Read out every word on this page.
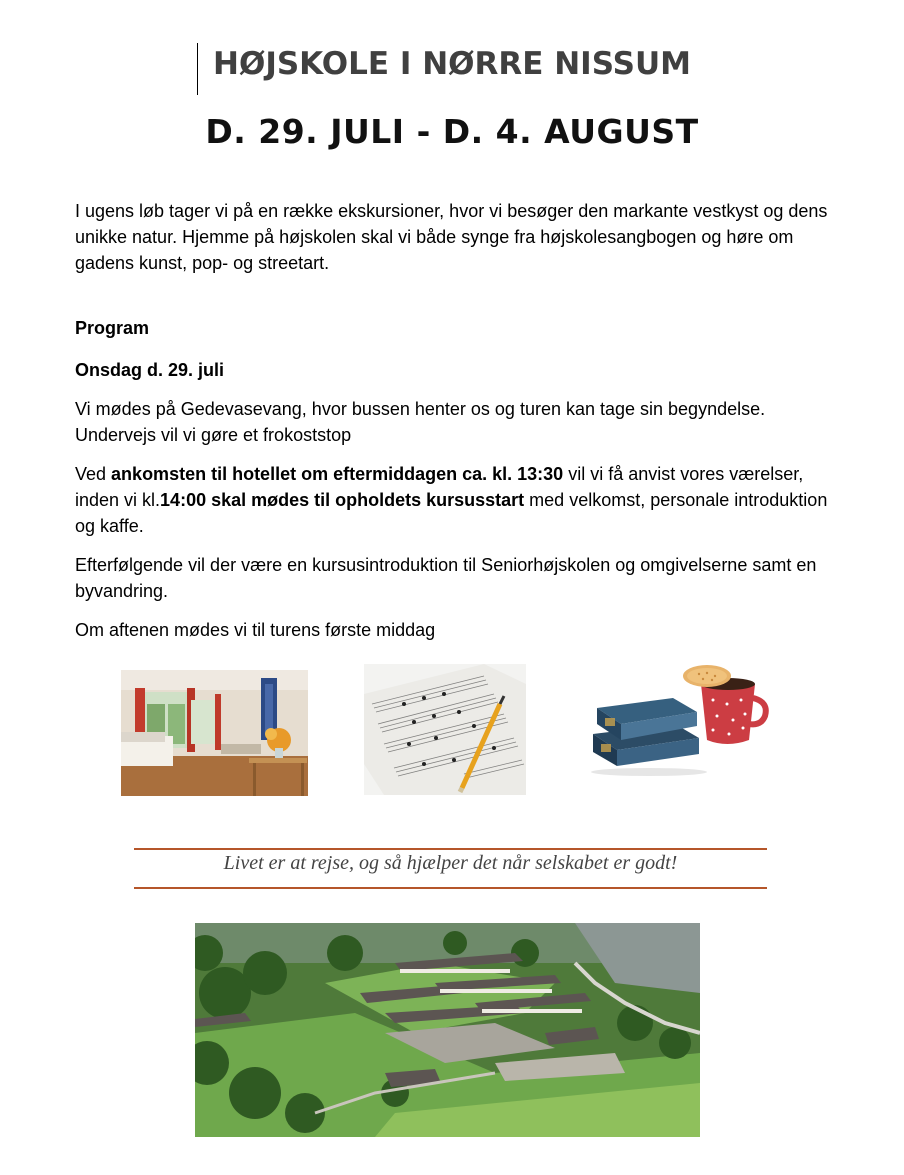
HØJSKOLE I NØRRE NISSUM
D. 29. JULI - D. 4. AUGUST

I ugens løb tager vi på en række ekskursioner, hvor vi besøger den markante vestkyst og dens unikke natur. Hjemme på højskolen skal vi både synge fra højskolesangbogen og høre om gadens kunst, pop- og streetart.

Program

Onsdag d. 29. juli

Vi mødes på Gedevasevang, hvor bussen henter os og turen kan tage sin begyndelse. Undervejs vil vi gøre et frokoststop

Ved ankomsten til hotellet om eftermiddagen ca. kl. 13:30 vil vi få anvist vores værelser, inden vi kl.14:00 skal mødes til opholdets kursusstart med velkomst, personale introduktion og kaffe.

Efterfølgende vil der være en kursusintroduktion til Seniorhøjskolen og omgivelserne samt en byvandring.

Om aftenen mødes vi til turens første middag

Livet er at rejse, og så hjælper det når selskabet er godt!
